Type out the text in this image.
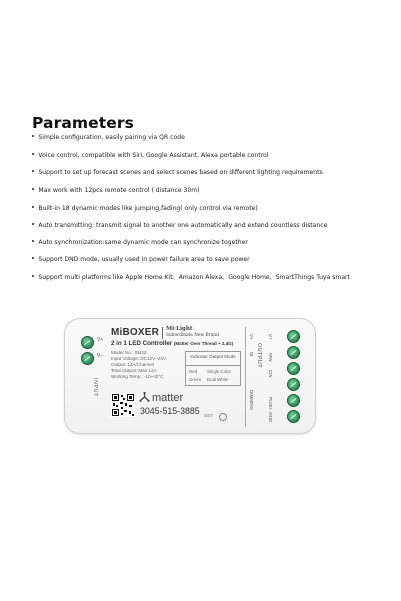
Parameters
Simple configuration, easily pairing via QR code
Voice control, compatible with Siri, Google Assistant, Alexa portable control
Support to set up forecast scenes and select scenes based on different lighting requirements
Max work with 12pcs remote control ( distance 30m)
Built-in 18 dynamic modes like jumping,fading( only control via remote)
Auto transmitting: transmit signal to another one automatically and extend countless distance
Auto synchronization:same dynamic mode can synchronize together
Support DND mode, usually used in power failure area to save power
Support multi platforms like Apple Home Kit、Amazon Alexa、Google Home、SmartThings Tuya smart
V+
V−
INPUT
MiBOXER Mi·Light
Subordinate New Brand
2 in 1 LED Controller (Matter Over Thread + 2.4G)
Model No.: SM22
Input Voltage: DC12V~24V
Output: 12A/Channel
Total Output: Max 12A
Working Temp.: -10~40°C
Indicator Output Mode
Red Single Color
Green Dual White
matter
3045-515-3885
SET
OUTPUT
V+
W
V+
WW
CW
DIMMING	PUSH
GND
